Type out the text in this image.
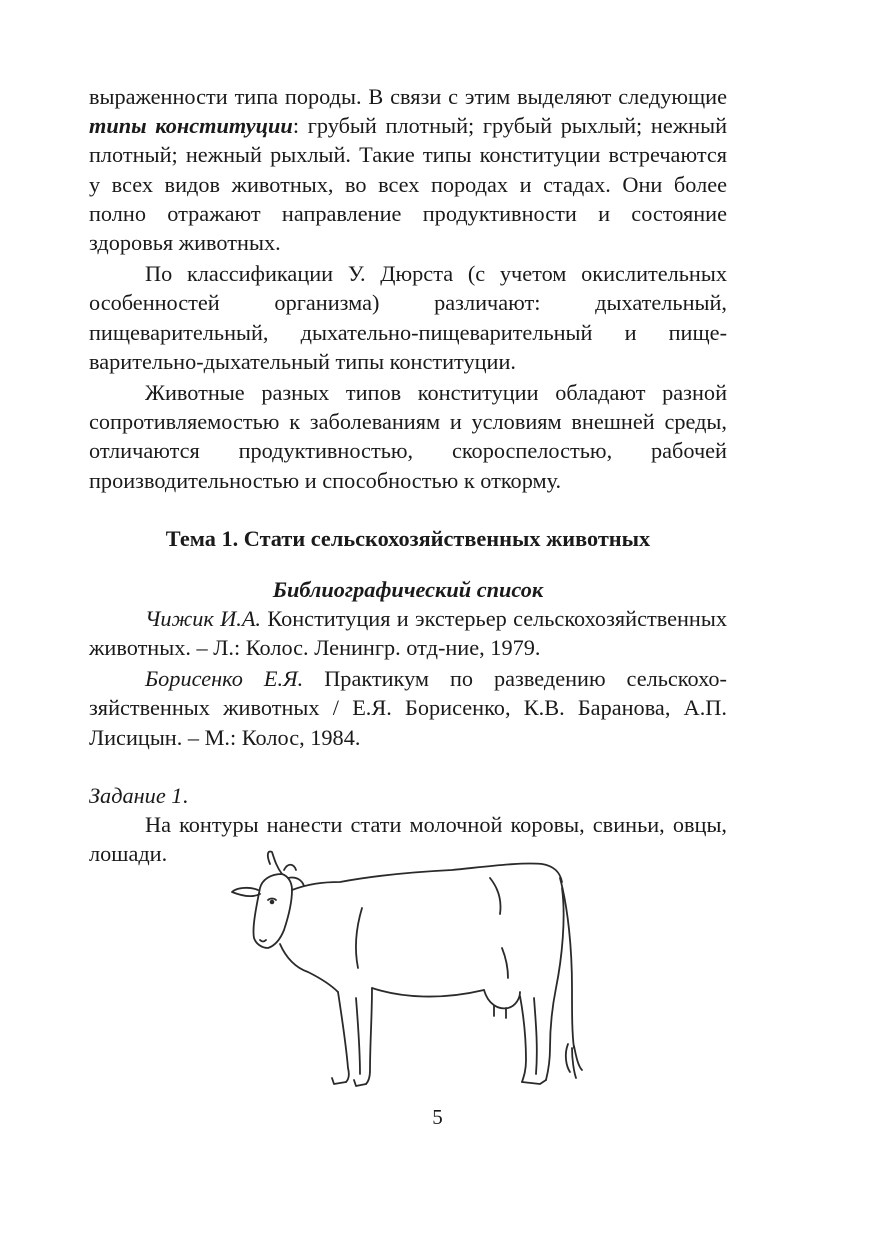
выраженности типа породы. В связи с этим выделяют следующие типы конституции: грубый плотный; грубый рыхлый; нежный плотный; нежный рыхлый. Такие типы конституции встречаются у всех видов животных, во всех породах и стадах. Они более полно отражают направление продуктивности и состояние здоровья животных.

По классификации У. Дюрста (с учетом окислительных особенностей организма) различают: дыхательный, пищеварительный, дыхательно-пищеварительный и пищеварительно-дыхательный типы конституции.

Животные разных типов конституции обладают разной сопротивляемостью к заболеваниям и условиям внешней среды, отличаются продуктивностью, скороспелостью, рабочей производительностью и способностью к откорму.

Тема 1. Стати сельскохозяйственных животных
Библиографический список

Чижик И.А. Конституция и экстерьер сельскохозяйственных животных. – Л.: Колос. Ленингр. отд-ние, 1979.

Борисенко Е.Я. Практикум по разведению сельскохозяйственных животных / Е.Я. Борисенко, К.В. Баранова, А.П. Лисицын. – М.: Колос, 1984.

Задание 1.

На контуры нанести стати молочной коровы, свиньи, овцы, лошади.

5
